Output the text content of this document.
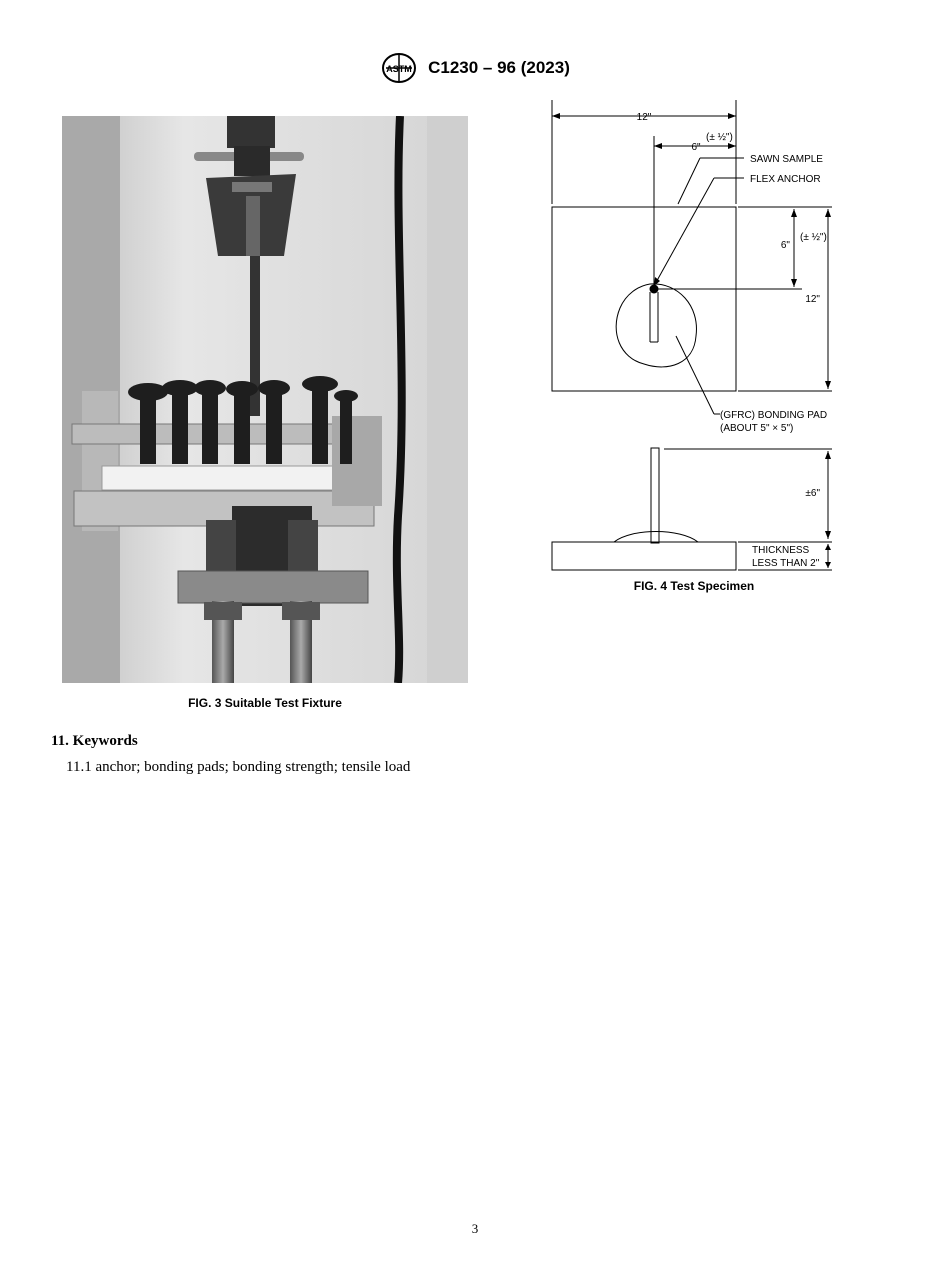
ASTM C1230 – 96 (2023)
FIG. 3 Suitable Test Fixture
12"
6"
(± ½")
SAWN SAMPLE
FLEX ANCHOR
6"
(± ½")
12"
(GFRC) BONDING PAD
(ABOUT 5" × 5")
±6"
THICKNESS
LESS THAN 2"
FIG. 4 Test Specimen
11. Keywords
11.1 anchor; bonding pads; bonding strength; tensile load
3
